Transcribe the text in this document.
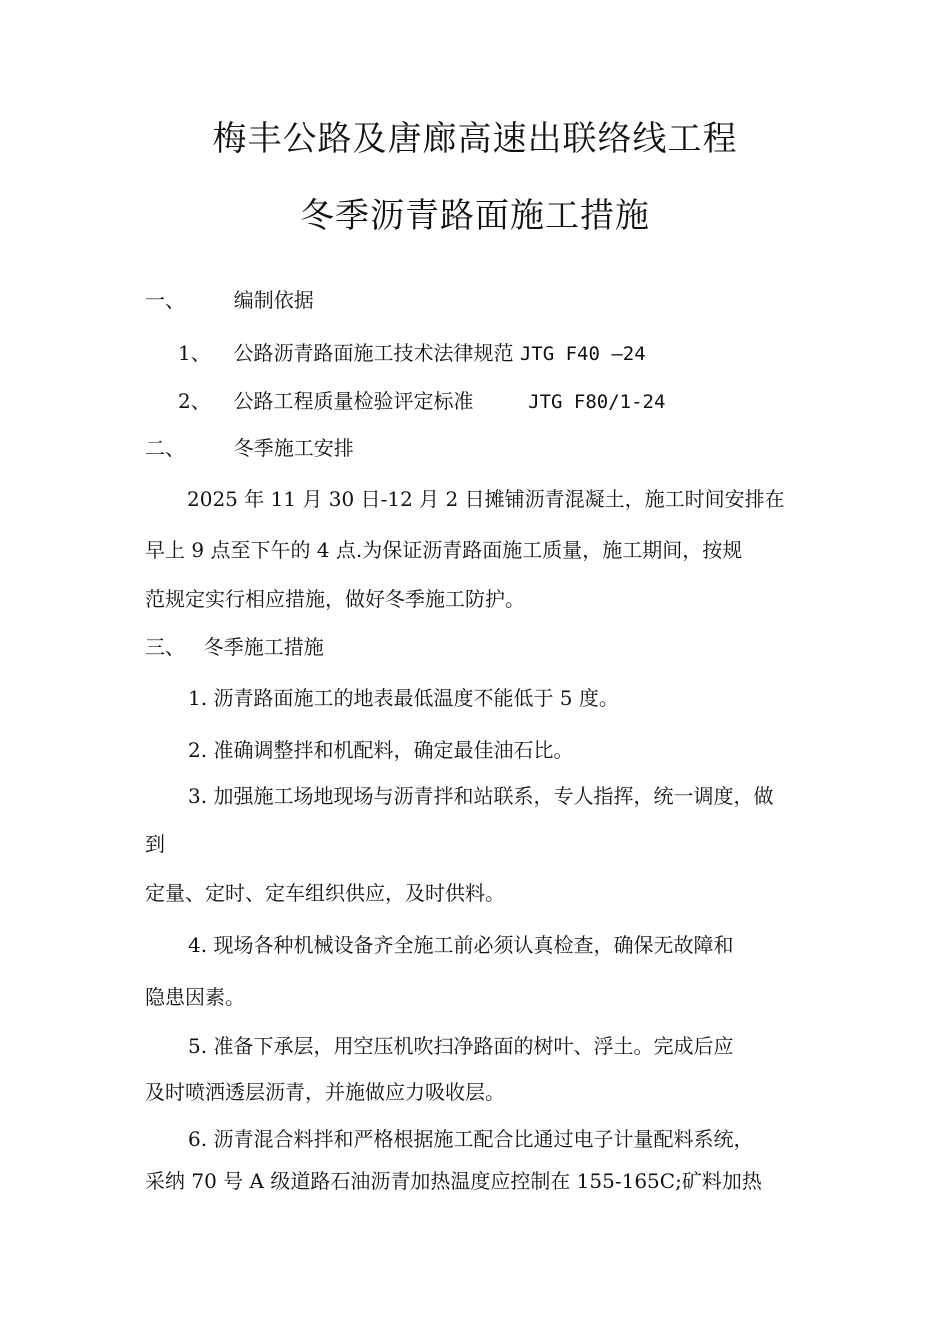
梅丰公路及唐廊高速出联络线工程
冬季沥青路面施工措施
一、 编制依据
1、 公路沥青路面施工技术法律规范 JTG F40 —24
2、 公路工程质量检验评定标准	JTG F80/1-24
二、 冬季施工安排
2025 年 11 月 30 日-12 月 2 日摊铺沥青混凝土，施工时间安排在
早上 9 点至下午的 4 点.为保证沥青路面施工质量，施工期间，按规
范规定实行相应措施，做好冬季施工防护。
三、 冬季施工措施
1. 沥青路面施工的地表最低温度不能低于 5 度。
2. 准确调整拌和机配料，确定最佳油石比。
3. 加强施工场地现场与沥青拌和站联系，专人指挥，统一调度，做
到
定量、定时、定车组织供应，及时供料。
4. 现场各种机械设备齐全施工前必须认真检查，确保无故障和
隐患因素。
5. 准备下承层，用空压机吹扫净路面的树叶、浮土。完成后应
及时喷洒透层沥青，并施做应力吸收层。
6. 沥青混合料拌和严格根据施工配合比通过电子计量配料系统，
采纳 70 号 A 级道路石油沥青加热温度应控制在 155-165C;矿料加热
